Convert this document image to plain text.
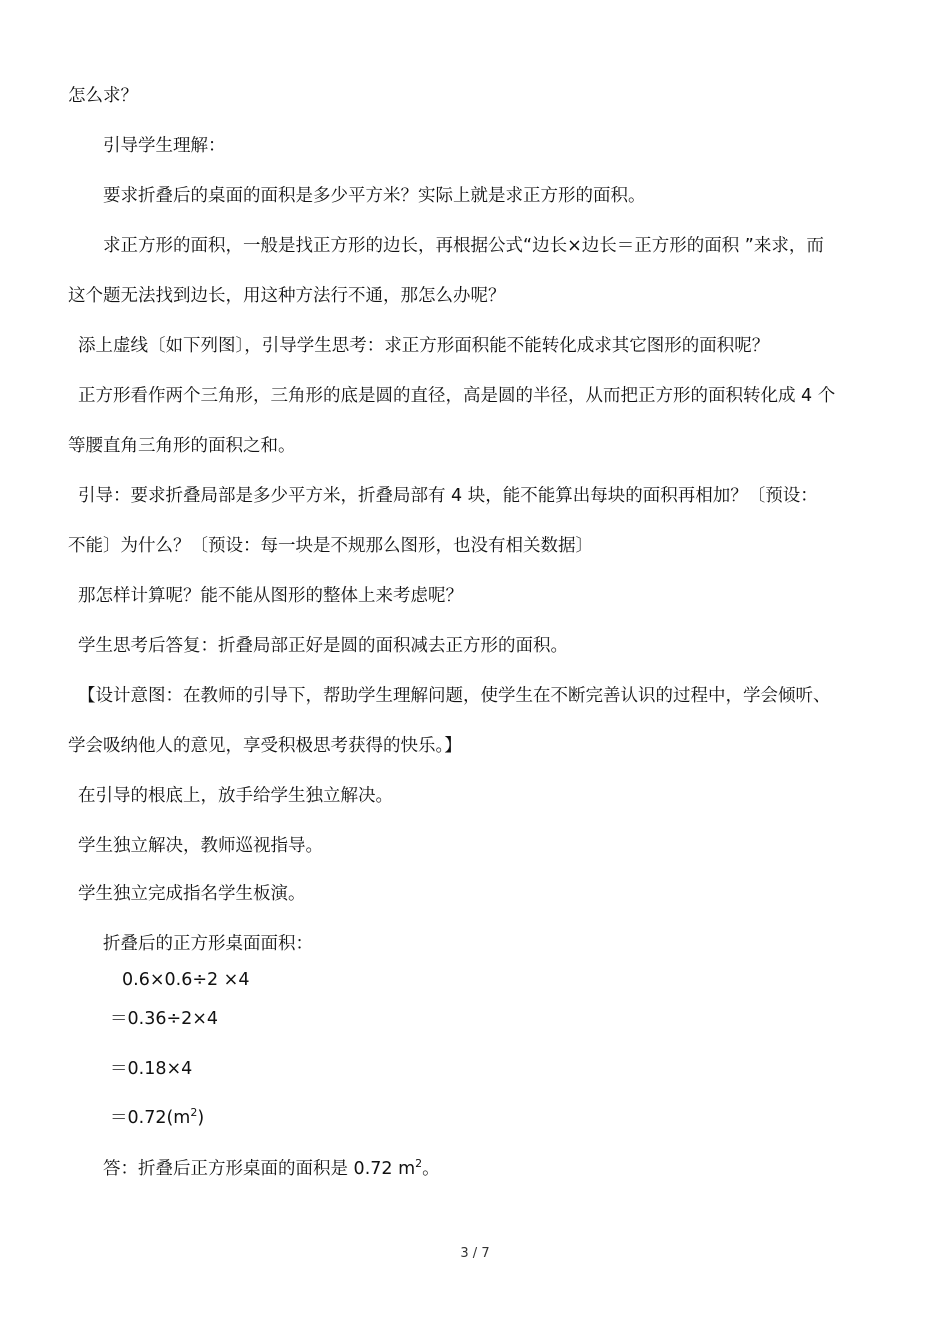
怎么求？
引导学生理解：
要求折叠后的桌面的面积是多少平方米？实际上就是求正方形的面积。
求正方形的面积，一般是找正方形的边长，再根据公式“边长×边长＝正方形的面积 ”来求，而
这个题无法找到边长，用这种方法行不通，那怎么办呢？
添上虚线〔如下列图〕，引导学生思考：求正方形面积能不能转化成求其它图形的面积呢？
正方形看作两个三角形，三角形的底是圆的直径，高是圆的半径，从而把正方形的面积转化成 4 个
等腰直角三角形的面积之和。
引导：要求折叠局部是多少平方米，折叠局部有 4 块，能不能算出每块的面积再相加？〔预设：
不能〕为什么？〔预设：每一块是不规那么图形，也没有相关数据〕
那怎样计算呢？能不能从图形的整体上来考虑呢？
学生思考后答复：折叠局部正好是圆的面积减去正方形的面积。
【设计意图：在教师的引导下，帮助学生理解问题，使学生在不断完善认识的过程中，学会倾听、
学会吸纳他人的意见，享受积极思考获得的快乐。】
在引导的根底上，放手给学生独立解决。
学生独立解决，教师巡视指导。
学生独立完成指名学生板演。
折叠后的正方形桌面面积：
0.6×0.6÷2 ×4
＝0.36÷2×4
＝0.18×4
$=0.72(m^2)$
答：折叠后正方形桌面的面积是 0.72 $m^2$。
3 / 7
